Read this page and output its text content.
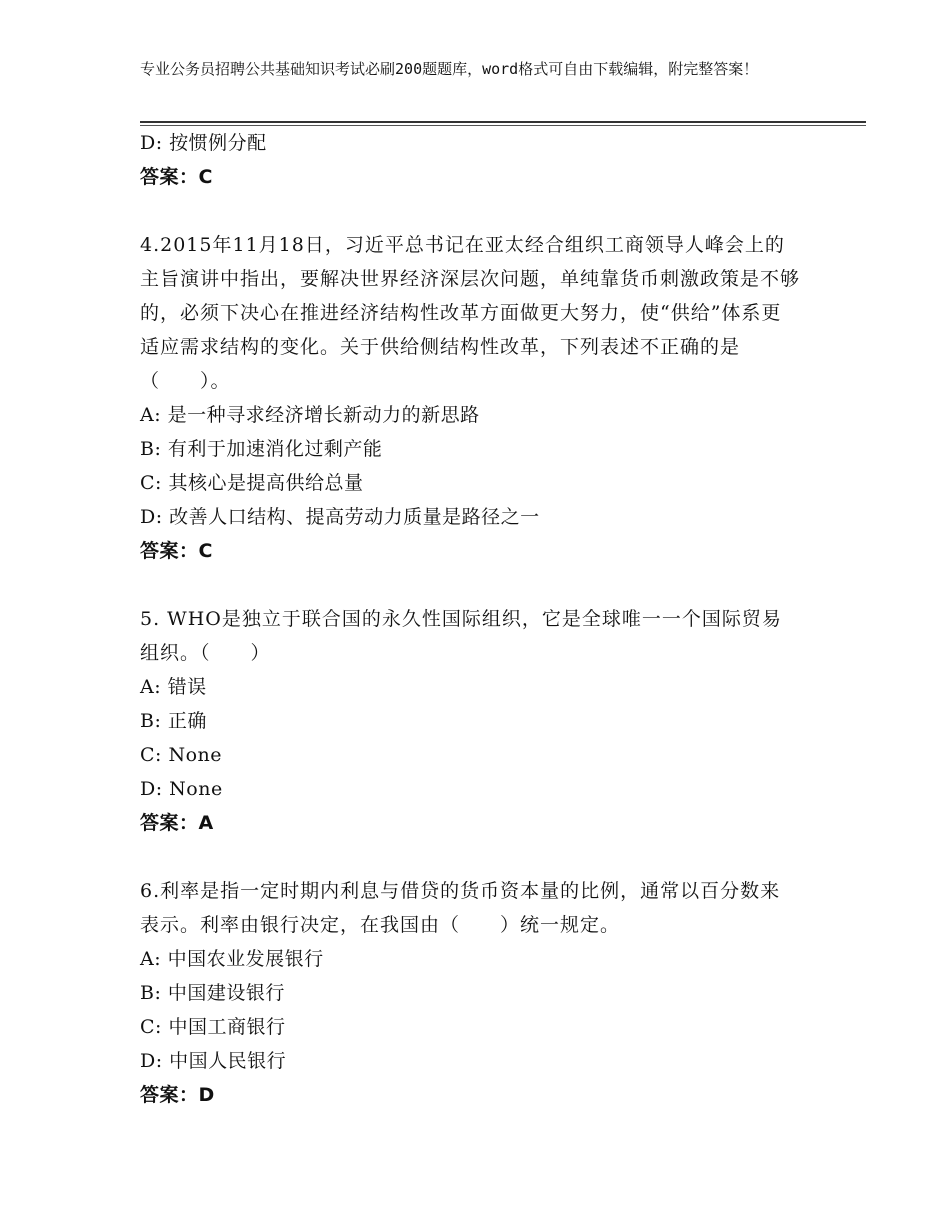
专业公务员招聘公共基础知识考试必刷200题题库，word格式可自由下载编辑，附完整答案！
D: 按惯例分配
答案：C
4.2015年11月18日，习近平总书记在亚太经合组织工商领导人峰会上的主旨演讲中指出，要解决世界经济深层次问题，单纯靠货币刺激政策是不够的，必须下决心在推进经济结构性改革方面做更大努力，使“供给”体系更适应需求结构的变化。关于供给侧结构性改革，下列表述不正确的是（　　）。
A: 是一种寻求经济增长新动力的新思路
B: 有利于加速消化过剩产能
C: 其核心是提高供给总量
D: 改善人口结构、提高劳动力质量是路径之一
答案：C
5. WHO是独立于联合国的永久性国际组织，它是全球唯一一个国际贸易组织。（　　）
A: 错误
B: 正确
C: None
D: None
答案：A
6.利率是指一定时期内利息与借贷的货币资本量的比例，通常以百分数来表示。利率由银行决定，在我国由（　　）统一规定。
A: 中国农业发展银行
B: 中国建设银行
C: 中国工商银行
D: 中国人民银行
答案：D
